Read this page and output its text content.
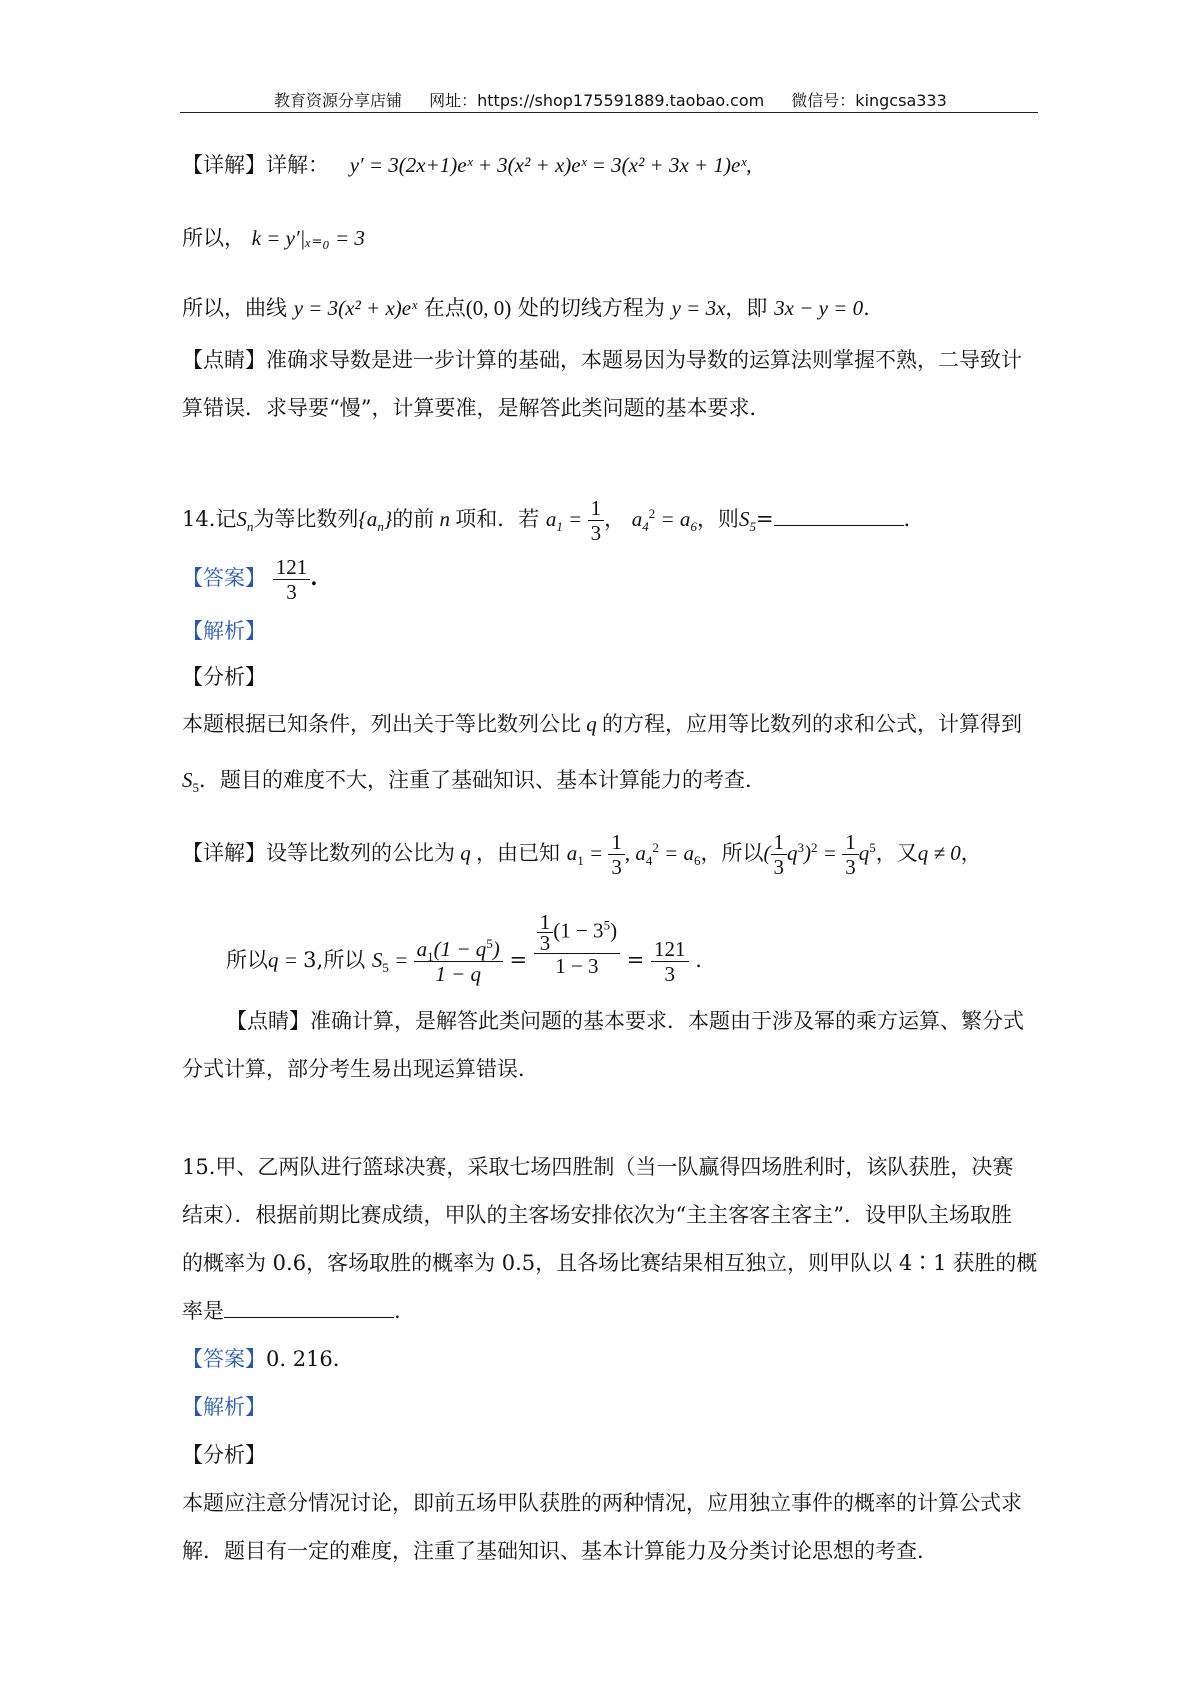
教育资源分享店铺 网址：https://shop175591889.taobao.com 微信号：kingcsa333
【详解】详解： y′ = 3(2x+1)eˣ + 3(x² + x)eˣ = 3(x² + 3x + 1)eˣ,
所以， k = y′|ₓ₌₀ = 3
所以，曲线 y = 3(x² + x)eˣ 在点(0, 0) 处的切线方程为 y = 3x，即 3x − y = 0.
【点睛】准确求导数是进一步计算的基础，本题易因为导数的运算法则掌握不熟，二导致计
算错误．求导要“慢”，计算要准，是解答此类问题的基本要求．
14.记$S_n$为等比数列$\{a_n\}$的前 n 项和．若 $a_1 = \frac{1}{3}$ ， $a_4^2 = a_6$，则$S_5=$	.
【答案】 $\frac{121}{3}$ .
【解析】
【分析】
本题根据已知条件，列出关于等比数列公比 q 的方程，应用等比数列的求和公式，计算得到
$S_5$．题目的难度不大，注重了基础知识、基本计算能力的考查．
【详解】设等比数列的公比为 q ，由已知 $a_1 = \frac{1}{3}$ , $a_4^2 = a_6$，所以( $\frac{1}{3} q^3)^2 = \frac{1}{3} q^5$，又q ≠ 0，
所以q = 3,所以 $S_5 = \frac{a_1(1 - q^5)}{1 - q} = \frac{\frac{1}{3} (1 - 3^5)}{1 - 3} = \frac{121}{3}$ .
【点睛】准确计算，是解答此类问题的基本要求．本题由于涉及幂的乘方运算、繁分式
分式计算，部分考生易出现运算错误．
15.甲、乙两队进行篮球决赛，采取七场四胜制（当一队赢得四场胜利时，该队获胜，决赛
结束）．根据前期比赛成绩，甲队的主客场安排依次为“主主客客主客主”．设甲队主场取胜
的概率为 0.6，客场取胜的概率为 0.5，且各场比赛结果相互独立，则甲队以 4∶1 获胜的概
率是	.
【答案】0. 216.
【解析】
【分析】
本题应注意分情况讨论，即前五场甲队获胜的两种情况，应用独立事件的概率的计算公式求
解．题目有一定的难度，注重了基础知识、基本计算能力及分类讨论思想的考查．
